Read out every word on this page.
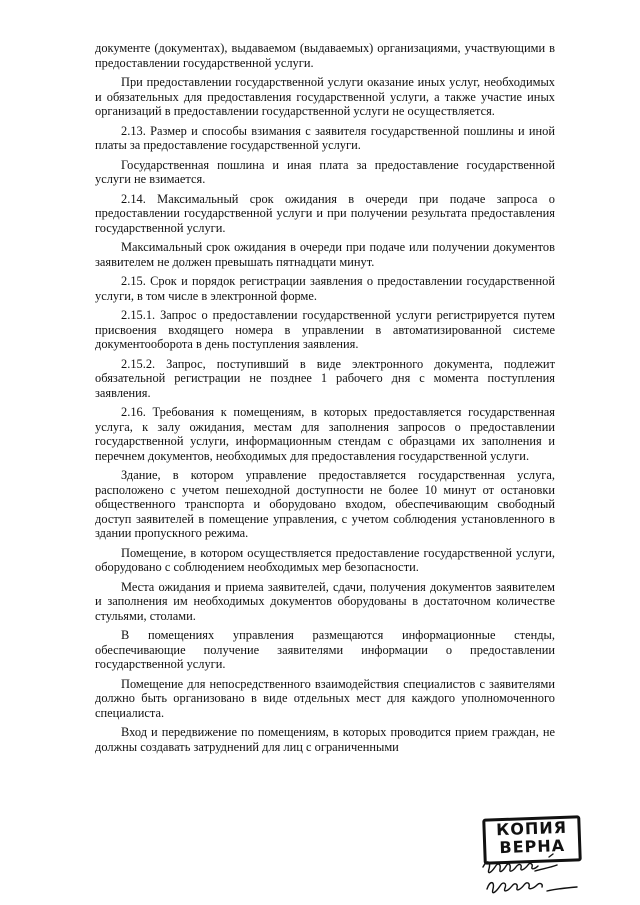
документе (документах), выдаваемом (выдаваемых) организациями, участвующими в предоставлении государственной услуги.

При предоставлении государственной услуги оказание иных услуг, необходимых и обязательных для предоставления государственной услуги, а также участие иных организаций в предоставлении государственной услуги не осуществляется.

2.13. Размер и способы взимания с заявителя государственной пошлины и иной платы за предоставление государственной услуги.

Государственная пошлина и иная плата за предоставление государственной услуги не взимается.

2.14. Максимальный срок ожидания в очереди при подаче запроса о предоставлении государственной услуги и при получении результата предоставления государственной услуги.

Максимальный срок ожидания в очереди при подаче или получении документов заявителем не должен превышать пятнадцати минут.

2.15. Срок и порядок регистрации заявления о предоставлении государственной услуги, в том числе в электронной форме.

2.15.1. Запрос о предоставлении государственной услуги регистрируется путем присвоения входящего номера в управлении в автоматизированной системе документооборота в день поступления заявления.

2.15.2. Запрос, поступивший в виде электронного документа, подлежит обязательной регистрации не позднее 1 рабочего дня с момента поступления заявления.

2.16. Требования к помещениям, в которых предоставляется государственная услуга, к залу ожидания, местам для заполнения запросов о предоставлении государственной услуги, информационным стендам с образцами их заполнения и перечнем документов, необходимых для предоставления государственной услуги.

Здание, в котором управление предоставляется государственная услуга, расположено с учетом пешеходной доступности не более 10 минут от остановки общественного транспорта и оборудовано входом, обеспечивающим свободный доступ заявителей в помещение управления, с учетом соблюдения установленного в здании пропускного режима.

Помещение, в котором осуществляется предоставление государственной услуги, оборудовано с соблюдением необходимых мер безопасности.

Места ожидания и приема заявителей, сдачи, получения документов заявителем и заполнения им необходимых документов оборудованы в достаточном количестве стульями, столами.

В помещениях управления размещаются информационные стенды, обеспечивающие получение заявителями информации о предоставлении государственной услуги.

Помещение для непосредственного взаимодействия специалистов с заявителями должно быть организовано в виде отдельных мест для каждого уполномоченного специалиста.

Вход и передвижение по помещениям, в которых проводится прием граждан, не должны создавать затруднений для лиц с ограниченными

КОПИЯ
ВЕРНА
